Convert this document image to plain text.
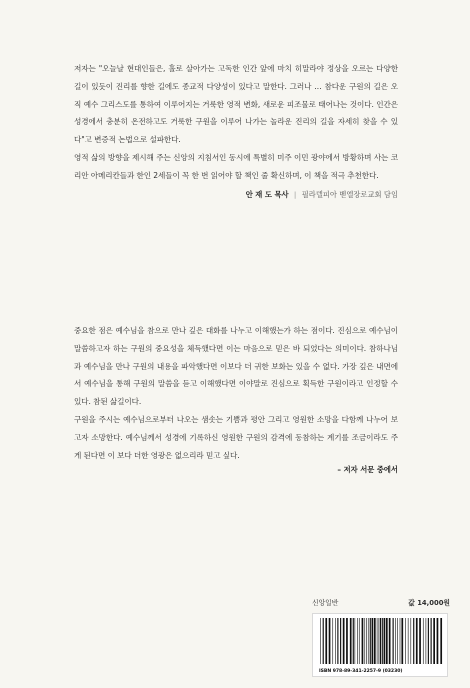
저자는 "오늘날 현대인들은, 홀로 살아가는 고독한 인간 앞에 마치 히말라야 정상을 오르는 다양한 길이 있듯이 진리를 향한 길에도 종교적 다양성이 있다고 말한다. 그러나 … 참다운 구원의 길은 오직 예수 그리스도를 통하여 이루어지는 거룩한 영적 변화, 새로운 피조물로 태어나는 것이다. 인간은 성경에서 충분히 온전하고도 거룩한 구원을 이루어 나가는 놀라운 진리의 길을 자세히 찾을 수 있다"고 변증적 논법으로 설파한다.

영적 삶의 방향을 제시해 주는 신앙의 지침서인 동시에 특별히 미주 이민 광야에서 방황하며 사는 코리안 아메리칸들과 한인 2세들이 꼭 한 번 읽어야 할 책인 줄 확신하며, 이 책을 적극 추천한다.

안 재 도 목사 | 필라델피아 벧엘장로교회 담임

중요한 점은 예수님을 참으로 만나 깊은 대화를 나누고 이해했는가 하는 점이다. 진심으로 예수님이 말씀하고자 하는 구원의 중요성을 체득했다면 이는 마음으로 믿은 바 되었다는 의미이다. 참하나님과 예수님을 만나 구원의 내용을 파악했다면 이보다 더 귀한 보화는 있을 수 없다. 가장 깊은 내면에서 예수님을 통해 구원의 말씀을 듣고 이해했다면 이야말로 진심으로 획득한 구원이라고 인정할 수 있다. 참된 삶길이다.

구원을 주시는 예수님으로부터 나오는 샘솟는 기쁨과 평안 그리고 영원한 소망을 다함께 나누어 보고자 소망한다. 예수님께서 성경에 기록하신 영원한 구원의 감격에 동참하는 계기를 조금이라도 주게 된다면 이 보다 더한 영광은 없으리라 믿고 싶다.

– 저자 서문 중에서
신앙일반	값 14,000원
ISBN 978-89-341-2257-9 (03230)
